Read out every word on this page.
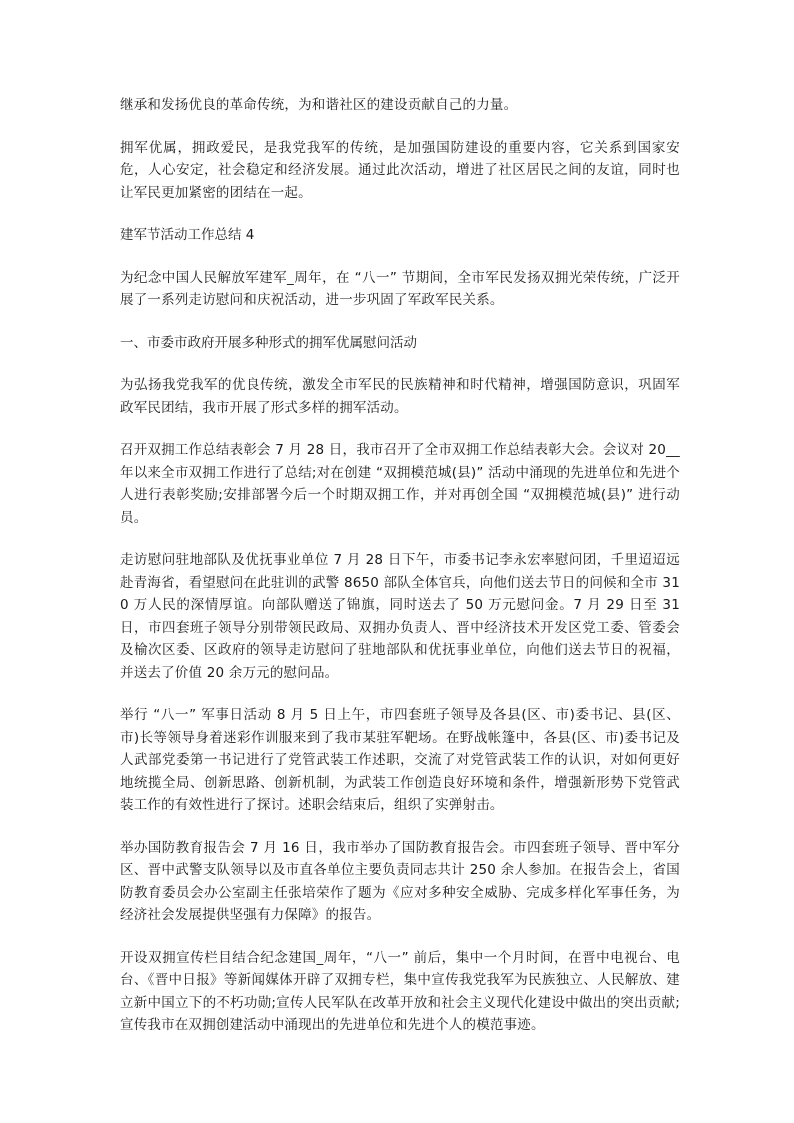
继承和发扬优良的革命传统，为和谐社区的建设贡献自己的力量。

拥军优属，拥政爱民，是我党我军的传统，是加强国防建设的重要内容，它关系到国家安危，人心安定，社会稳定和经济发展。通过此次活动，增进了社区居民之间的友谊，同时也让军民更加紧密的团结在一起。

建军节活动工作总结 4

为纪念中国人民解放军建军_周年，在 “八一” 节期间，全市军民发扬双拥光荣传统，广泛开展了一系列走访慰问和庆祝活动，进一步巩固了军政军民关系。

一、市委市政府开展多种形式的拥军优属慰问活动

为弘扬我党我军的优良传统，激发全市军民的民族精神和时代精神，增强国防意识，巩固军政军民团结，我市开展了形式多样的拥军活动。

召开双拥工作总结表彰会 7 月 28 日，我市召开了全市双拥工作总结表彰大会。会议对 20__年以来全市双拥工作进行了总结;对在创建 “双拥模范城(县)” 活动中涌现的先进单位和先进个人进行表彰奖励;安排部署今后一个时期双拥工作，并对再创全国 “双拥模范城(县)” 进行动员。

走访慰问驻地部队及优抚事业单位 7 月 28 日下午，市委书记李永宏率慰问团，千里迢迢远赴青海省，看望慰问在此驻训的武警 8650 部队全体官兵，向他们送去节日的问候和全市 310 万人民的深情厚谊。向部队赠送了锦旗，同时送去了 50 万元慰问金。7 月 29 日至 31 日，市四套班子领导分别带领民政局、双拥办负责人、晋中经济技术开发区党工委、管委会及榆次区委、区政府的领导走访慰问了驻地部队和优抚事业单位，向他们送去节日的祝福，并送去了价值 20 余万元的慰问品。

举行 “八一” 军事日活动 8 月 5 日上午，市四套班子领导及各县(区、市)委书记、县(区、市)长等领导身着迷彩作训服来到了我市某驻军靶场。在野战帐篷中，各县(区、市)委书记及人武部党委第一书记进行了党管武装工作述职，交流了对党管武装工作的认识，对如何更好地统揽全局、创新思路、创新机制，为武装工作创造良好环境和条件，增强新形势下党管武装工作的有效性进行了探讨。述职会结束后，组织了实弹射击。

举办国防教育报告会 7 月 16 日，我市举办了国防教育报告会。市四套班子领导、晋中军分区、晋中武警支队领导以及市直各单位主要负责同志共计 250 余人参加。在报告会上，省国防教育委员会办公室副主任张培荣作了题为《应对多种安全威胁、完成多样化军事任务，为经济社会发展提供坚强有力保障》的报告。

开设双拥宣传栏目结合纪念建国_周年，“八一” 前后，集中一个月时间，在晋中电视台、电台、《晋中日报》等新闻媒体开辟了双拥专栏，集中宣传我党我军为民族独立、人民解放、建立新中国立下的不朽功勋;宣传人民军队在改革开放和社会主义现代化建设中做出的突出贡献;宣传我市在双拥创建活动中涌现出的先进单位和先进个人的模范事迹。
